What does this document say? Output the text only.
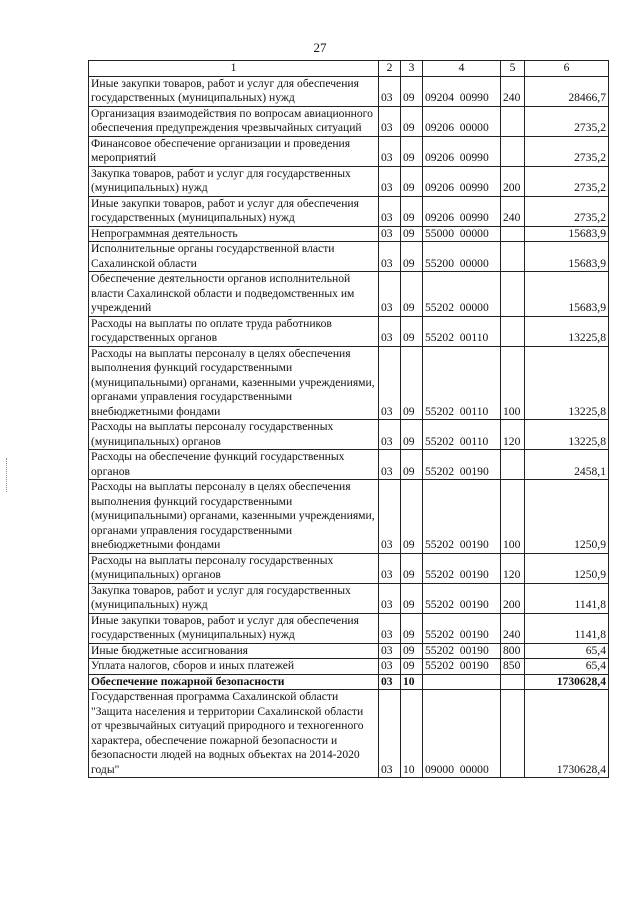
27
1	2	3	4	5	6
Иные закупки товаров, работ и услуг для обеспечения государственных (муниципальных) нужд	03	09	09204  00990	240	28466,7
Организация взаимодействия по вопросам авиационного обеспечения предупреждения чрезвычайных ситуаций	03	09	09206  00000		2735,2
Финансовое обеспечение организации и проведения мероприятий	03	09	09206  00990		2735,2
Закупка товаров, работ и услуг для государственных (муниципальных) нужд	03	09	09206  00990	200	2735,2
Иные закупки товаров, работ и услуг для обеспечения государственных (муниципальных) нужд	03	09	09206  00990	240	2735,2
Непрограммная деятельность	03	09	55000  00000		15683,9
Исполнительные органы государственной власти Сахалинской области	03	09	55200  00000		15683,9
Обеспечение деятельности органов исполнительной власти Сахалинской области и подведомственных им учреждений	03	09	55202  00000		15683,9
Расходы на выплаты по оплате труда работников государственных органов	03	09	55202  00110		13225,8
Расходы на выплаты персоналу в целях обеспечения выполнения функций государственными (муниципальными) органами, казенными учреждениями, органами управления государственными внебюджетными фондами	03	09	55202  00110	100	13225,8
Расходы на выплаты персоналу государственных (муниципальных) органов	03	09	55202  00110	120	13225,8
Расходы на обеспечение функций государственных органов	03	09	55202  00190		2458,1
Расходы на выплаты персоналу в целях обеспечения выполнения функций государственными (муниципальными) органами, казенными учреждениями, органами управления государственными внебюджетными фондами	03	09	55202  00190	100	1250,9
Расходы на выплаты персоналу государственных (муниципальных) органов	03	09	55202  00190	120	1250,9
Закупка товаров, работ и услуг для государственных (муниципальных) нужд	03	09	55202  00190	200	1141,8
Иные закупки товаров, работ и услуг для обеспечения государственных (муниципальных) нужд	03	09	55202  00190	240	1141,8
Иные бюджетные ассигнования	03	09	55202  00190	800	65,4
Уплата налогов, сборов и иных платежей	03	09	55202  00190	850	65,4
Обеспечение пожарной безопасности	03	10			1730628,4
Государственная программа Сахалинской области "Защита населения и территории Сахалинской области от чрезвычайных ситуаций природного и техногенного характера, обеспечение пожарной безопасности и безопасности людей на водных объектах на 2014-2020 годы"	03	10	09000  00000		1730628,4
